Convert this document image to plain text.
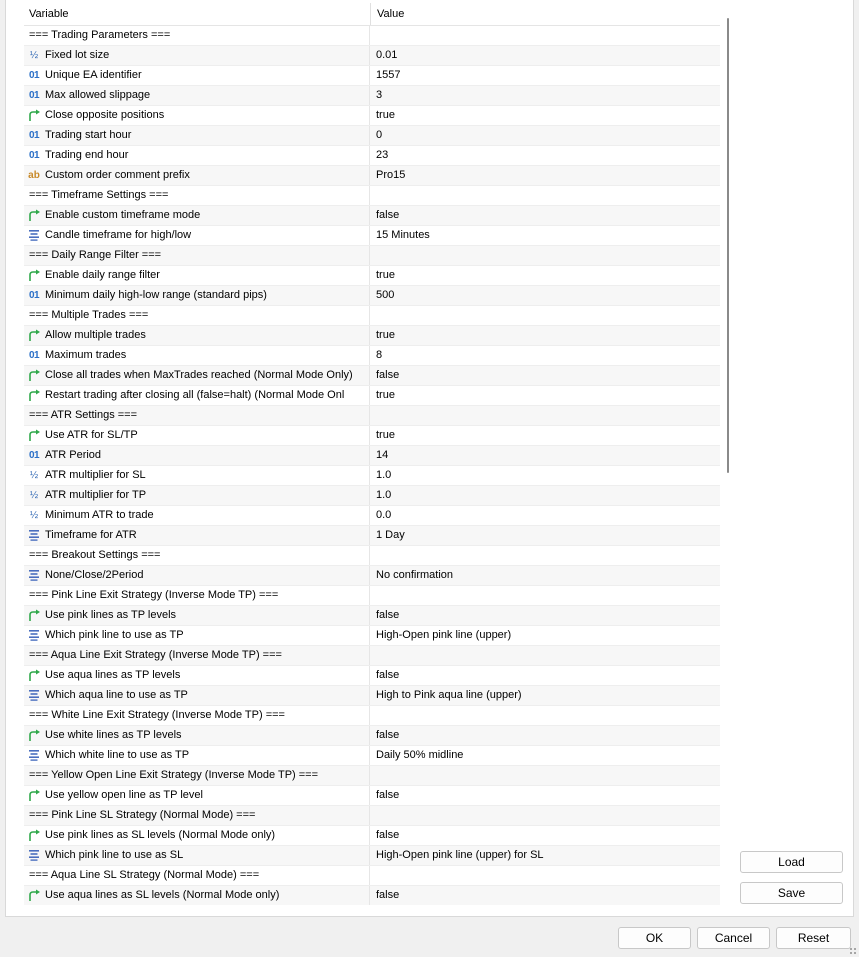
Variable	Value
=== Trading Parameters ===
½ Fixed lot size	0.01
01 Unique EA identifier	1557
01 Max allowed slippage	3
Close opposite positions	true
01 Trading start hour	0
01 Trading end hour	23
ab Custom order comment prefix	Pro15
=== Timeframe Settings ===
Enable custom timeframe mode	false
Candle timeframe for high/low	15 Minutes
=== Daily Range Filter ===
Enable daily range filter	true
01 Minimum daily high-low range (standard pips)	500
=== Multiple Trades ===
Allow multiple trades	true
01 Maximum trades	8
Close all trades when MaxTrades reached (Normal Mode Only) false
Restart trading after closing all (false=halt) (Normal Mode Onl	true
=== ATR Settings ===
Use ATR for SL/TP	true
01 ATR Period	14
½ ATR multiplier for SL	1.0
½ ATR multiplier for TP	1.0
½ Minimum ATR to trade	0.0
Timeframe for ATR	1 Day
=== Breakout Settings ===
None/Close/2Period	No confirmation
=== Pink Line Exit Strategy (Inverse Mode TP) ===
Use pink lines as TP levels	false
Which pink line to use as TP	High-Open pink line (upper)
=== Aqua Line Exit Strategy (Inverse Mode TP) ===
Use aqua lines as TP levels	false
Which aqua line to use as TP	High to Pink aqua line (upper)
=== White Line Exit Strategy (Inverse Mode TP) ===
Use white lines as TP levels	false
Which white line to use as TP	Daily 50% midline
=== Yellow Open Line Exit Strategy (Inverse Mode TP) ===
Use yellow open line as TP level	false
=== Pink Line SL Strategy (Normal Mode) ===
Use pink lines as SL levels (Normal Mode only)	false
Which pink line to use as SL	High-Open pink line (upper) for SL
=== Aqua Line SL Strategy (Normal Mode) ===
Use aqua lines as SL levels (Normal Mode only)	false
Load
Save
OK	Cancel	Reset
